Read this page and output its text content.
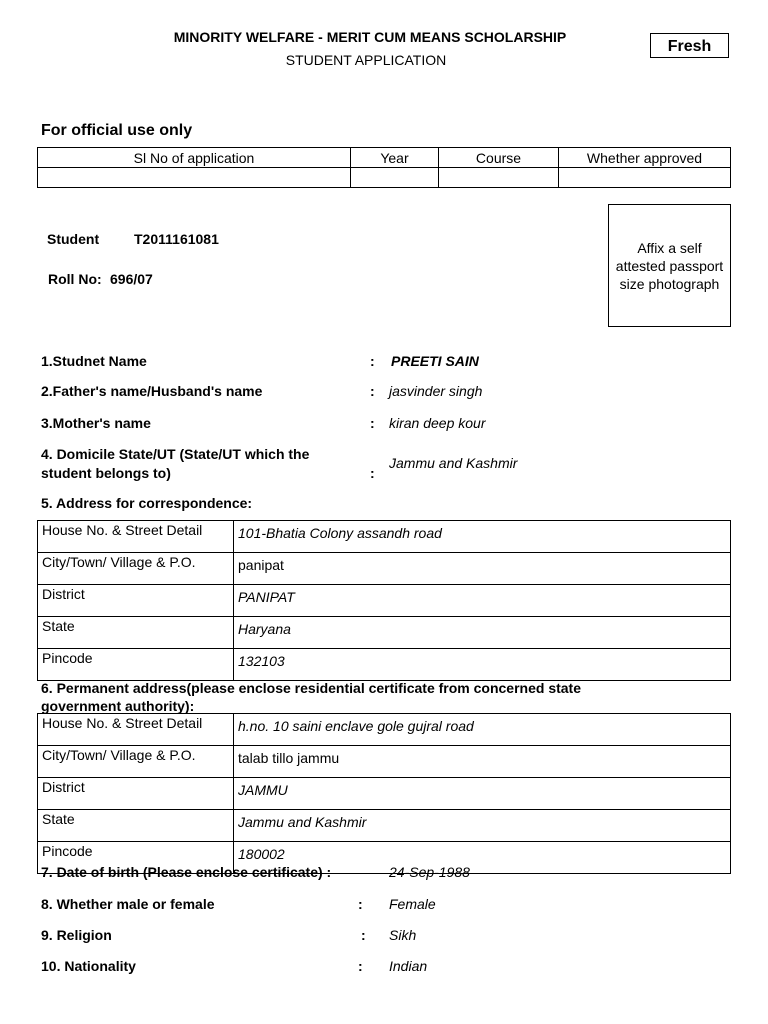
MINORITY WELFARE - MERIT CUM MEANS SCHOLARSHIP
STUDENT APPLICATION
Fresh
For official use only
Sl No of application	Year	Course	Whether approved

Student T2011161081
Roll No: 696/07
Affix a self
attested passport
size photograph
1.Studnet Name	: PREETI SAIN
2.Father's name/Husband's name	: jasvinder singh
3.Mother's name	: kiran deep kour
4. Domicile State/UT (State/UT which the
student belongs to)	:
Jammu and Kashmir
5. Address for correspondence:
House No. & Street Detail	101-Bhatia Colony assandh road
City/Town/ Village & P.O.	panipat
District	PANIPAT
State	Haryana
Pincode	132103
6. Permanent address(please enclose residential certificate from concerned state
government authority):
House No. & Street Detail	h.no. 10 saini enclave gole gujral road
City/Town/ Village & P.O.	talab tillo jammu
District	JAMMU
State	Jammu and Kashmir
Pincode	180002
7. Date of birth (Please enclose certificate) :	24-Sep-1988
8. Whether male or female	: Female
9. Religion	: Sikh
10. Nationality	: Indian
